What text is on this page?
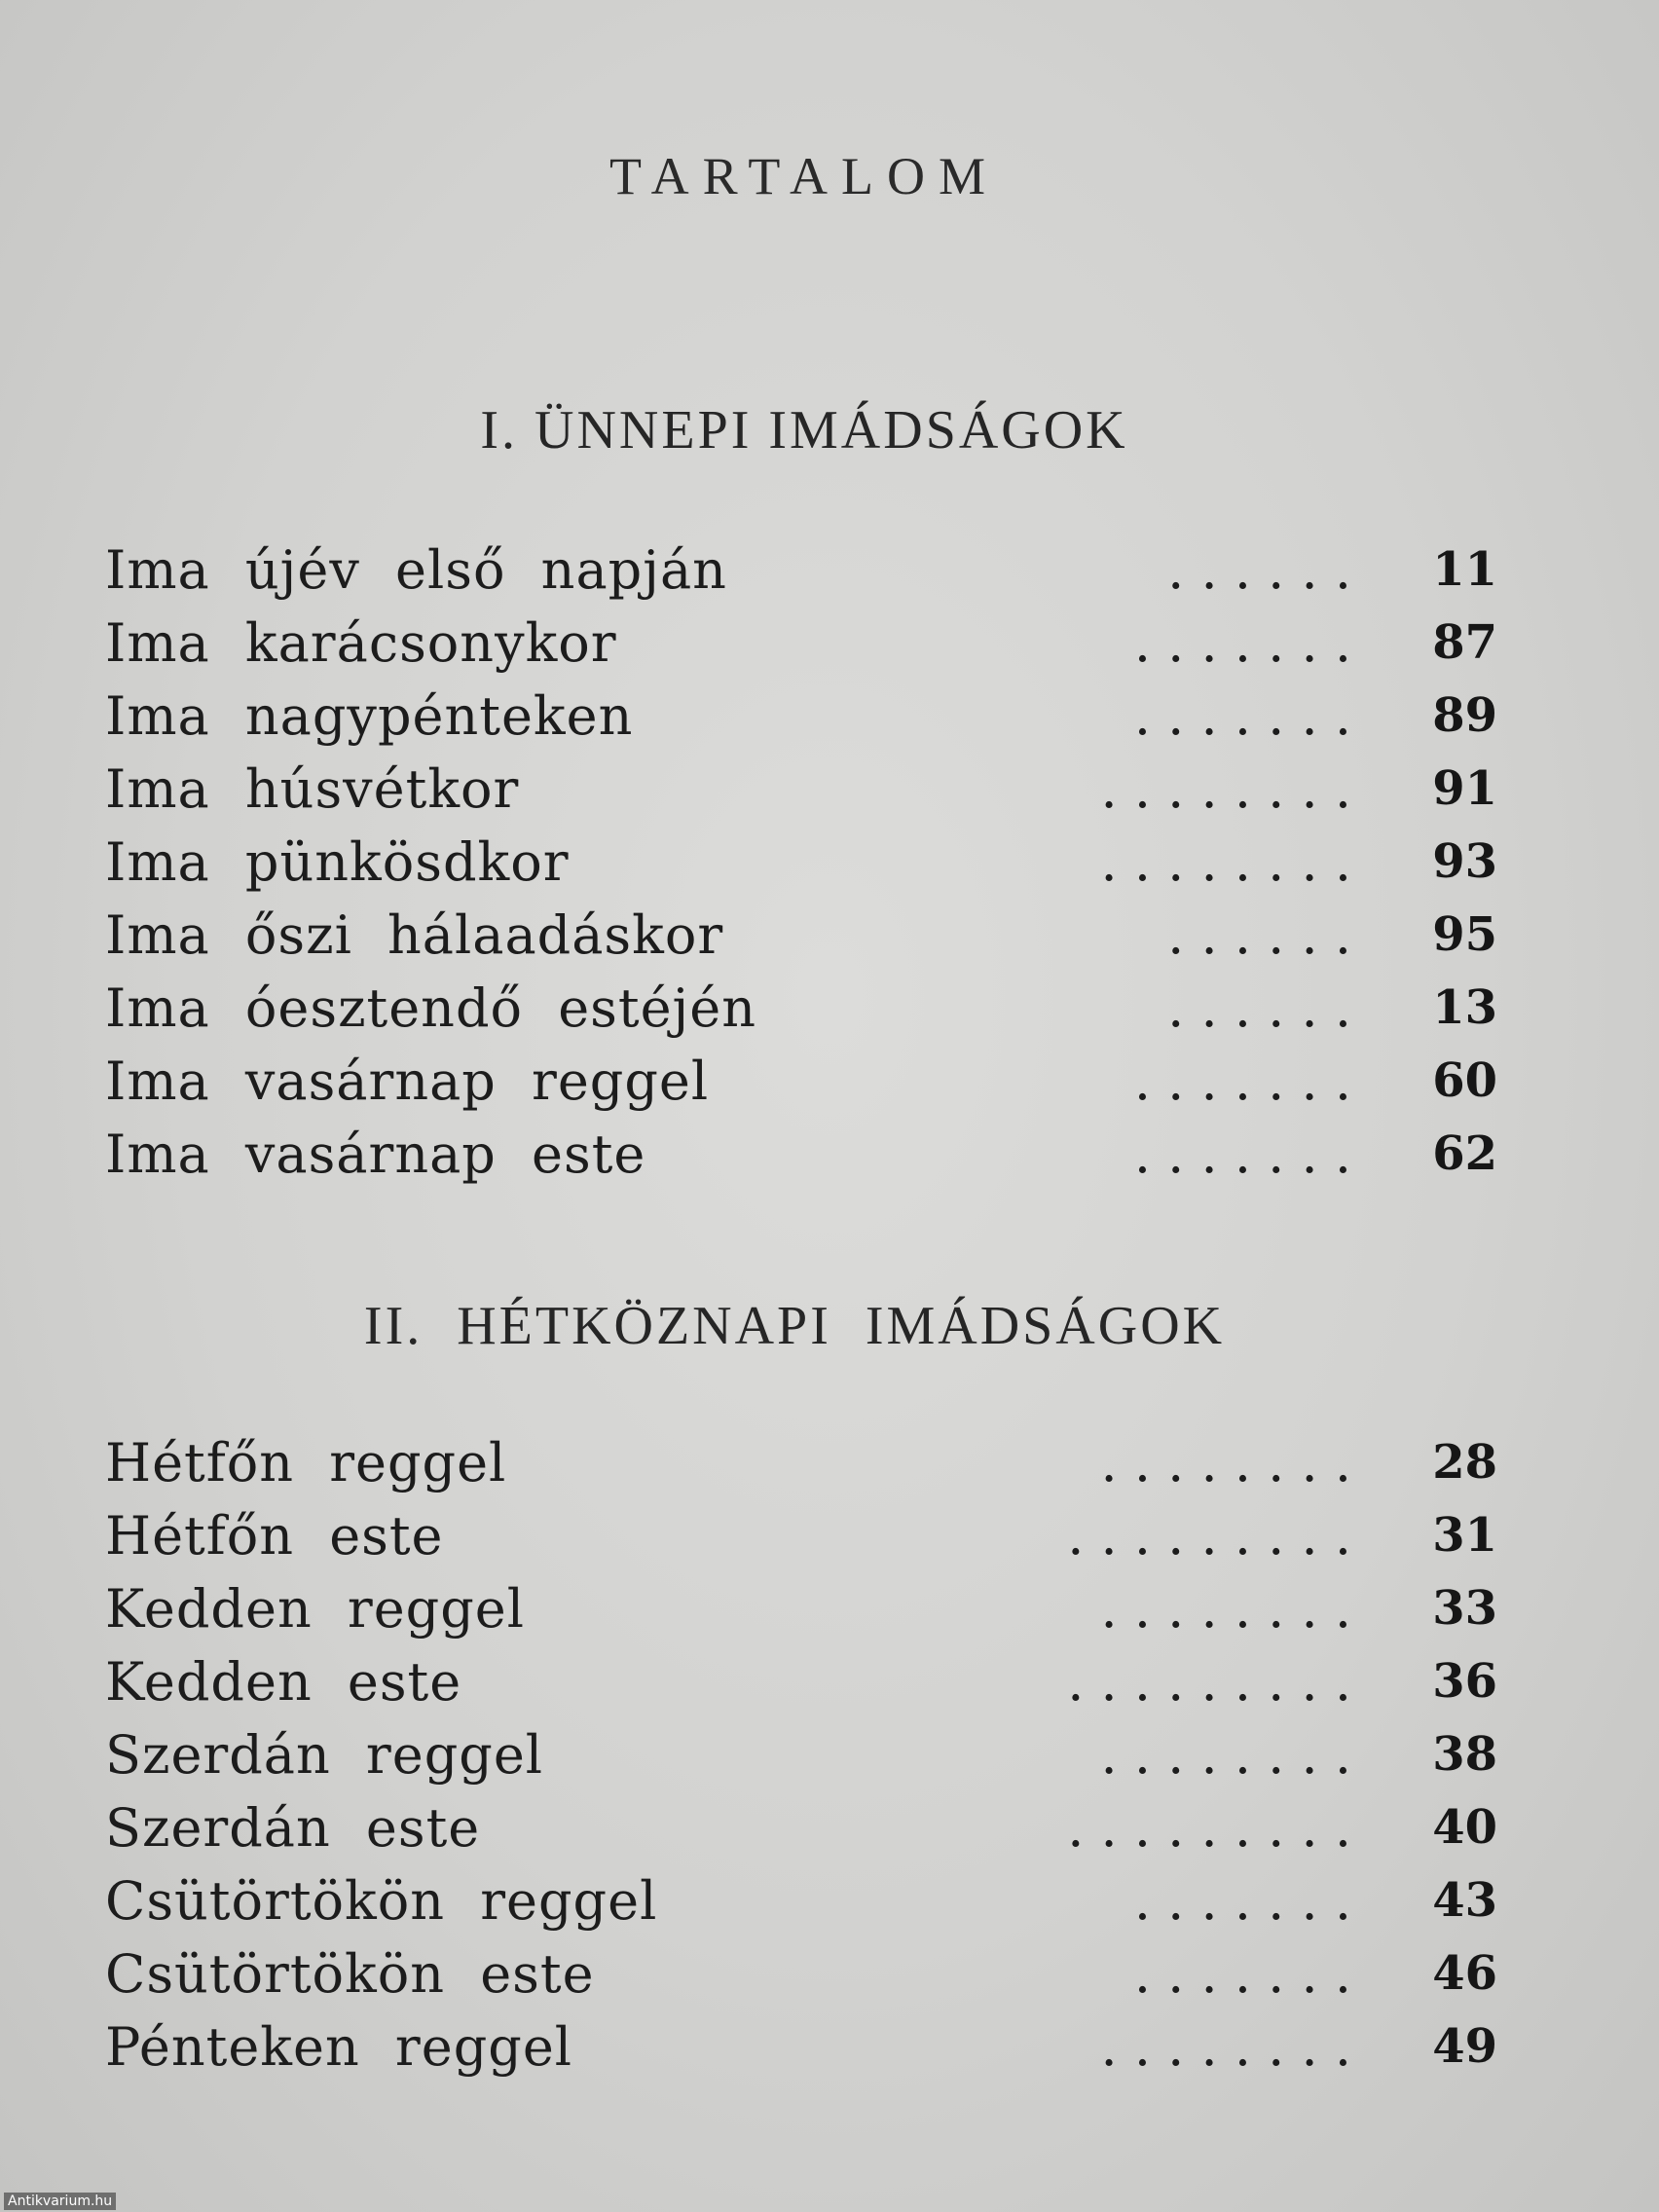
TARTALOM
I. ÜNNEPI IMÁDSÁGOK
Ima újév első napján	. . . . . . 11
Ima karácsonykor	. . . . . . . 87
Ima nagypénteken	. . . . . . . 89
Ima húsvétkor	. . . . . . . . 91
Ima pünkösdkor	. . . . . . . . 93
Ima őszi hálaadáskor	. . . . . . 95
Ima óesztendő estéjén	. . . . . . 13
Ima vasárnap reggel	. . . . . . . 60
Ima vasárnap este	. . . . . . . 62
II. HÉTKÖZNAPI IMÁDSÁGOK
Hétfőn reggel	. . . . . . . . 28
Hétfőn este	. . . . . . . . . 31
Kedden reggel	. . . . . . . . 33
Kedden este	. . . . . . . . . 36
Szerdán reggel	. . . . . . . . 38
Szerdán este	. . . . . . . . . 40
Csütörtökön reggel	. . . . . . . 43
Csütörtökön este	. . . . . . . 46
Pénteken reggel	. . . . . . . . 49
Antikvarium.hu
